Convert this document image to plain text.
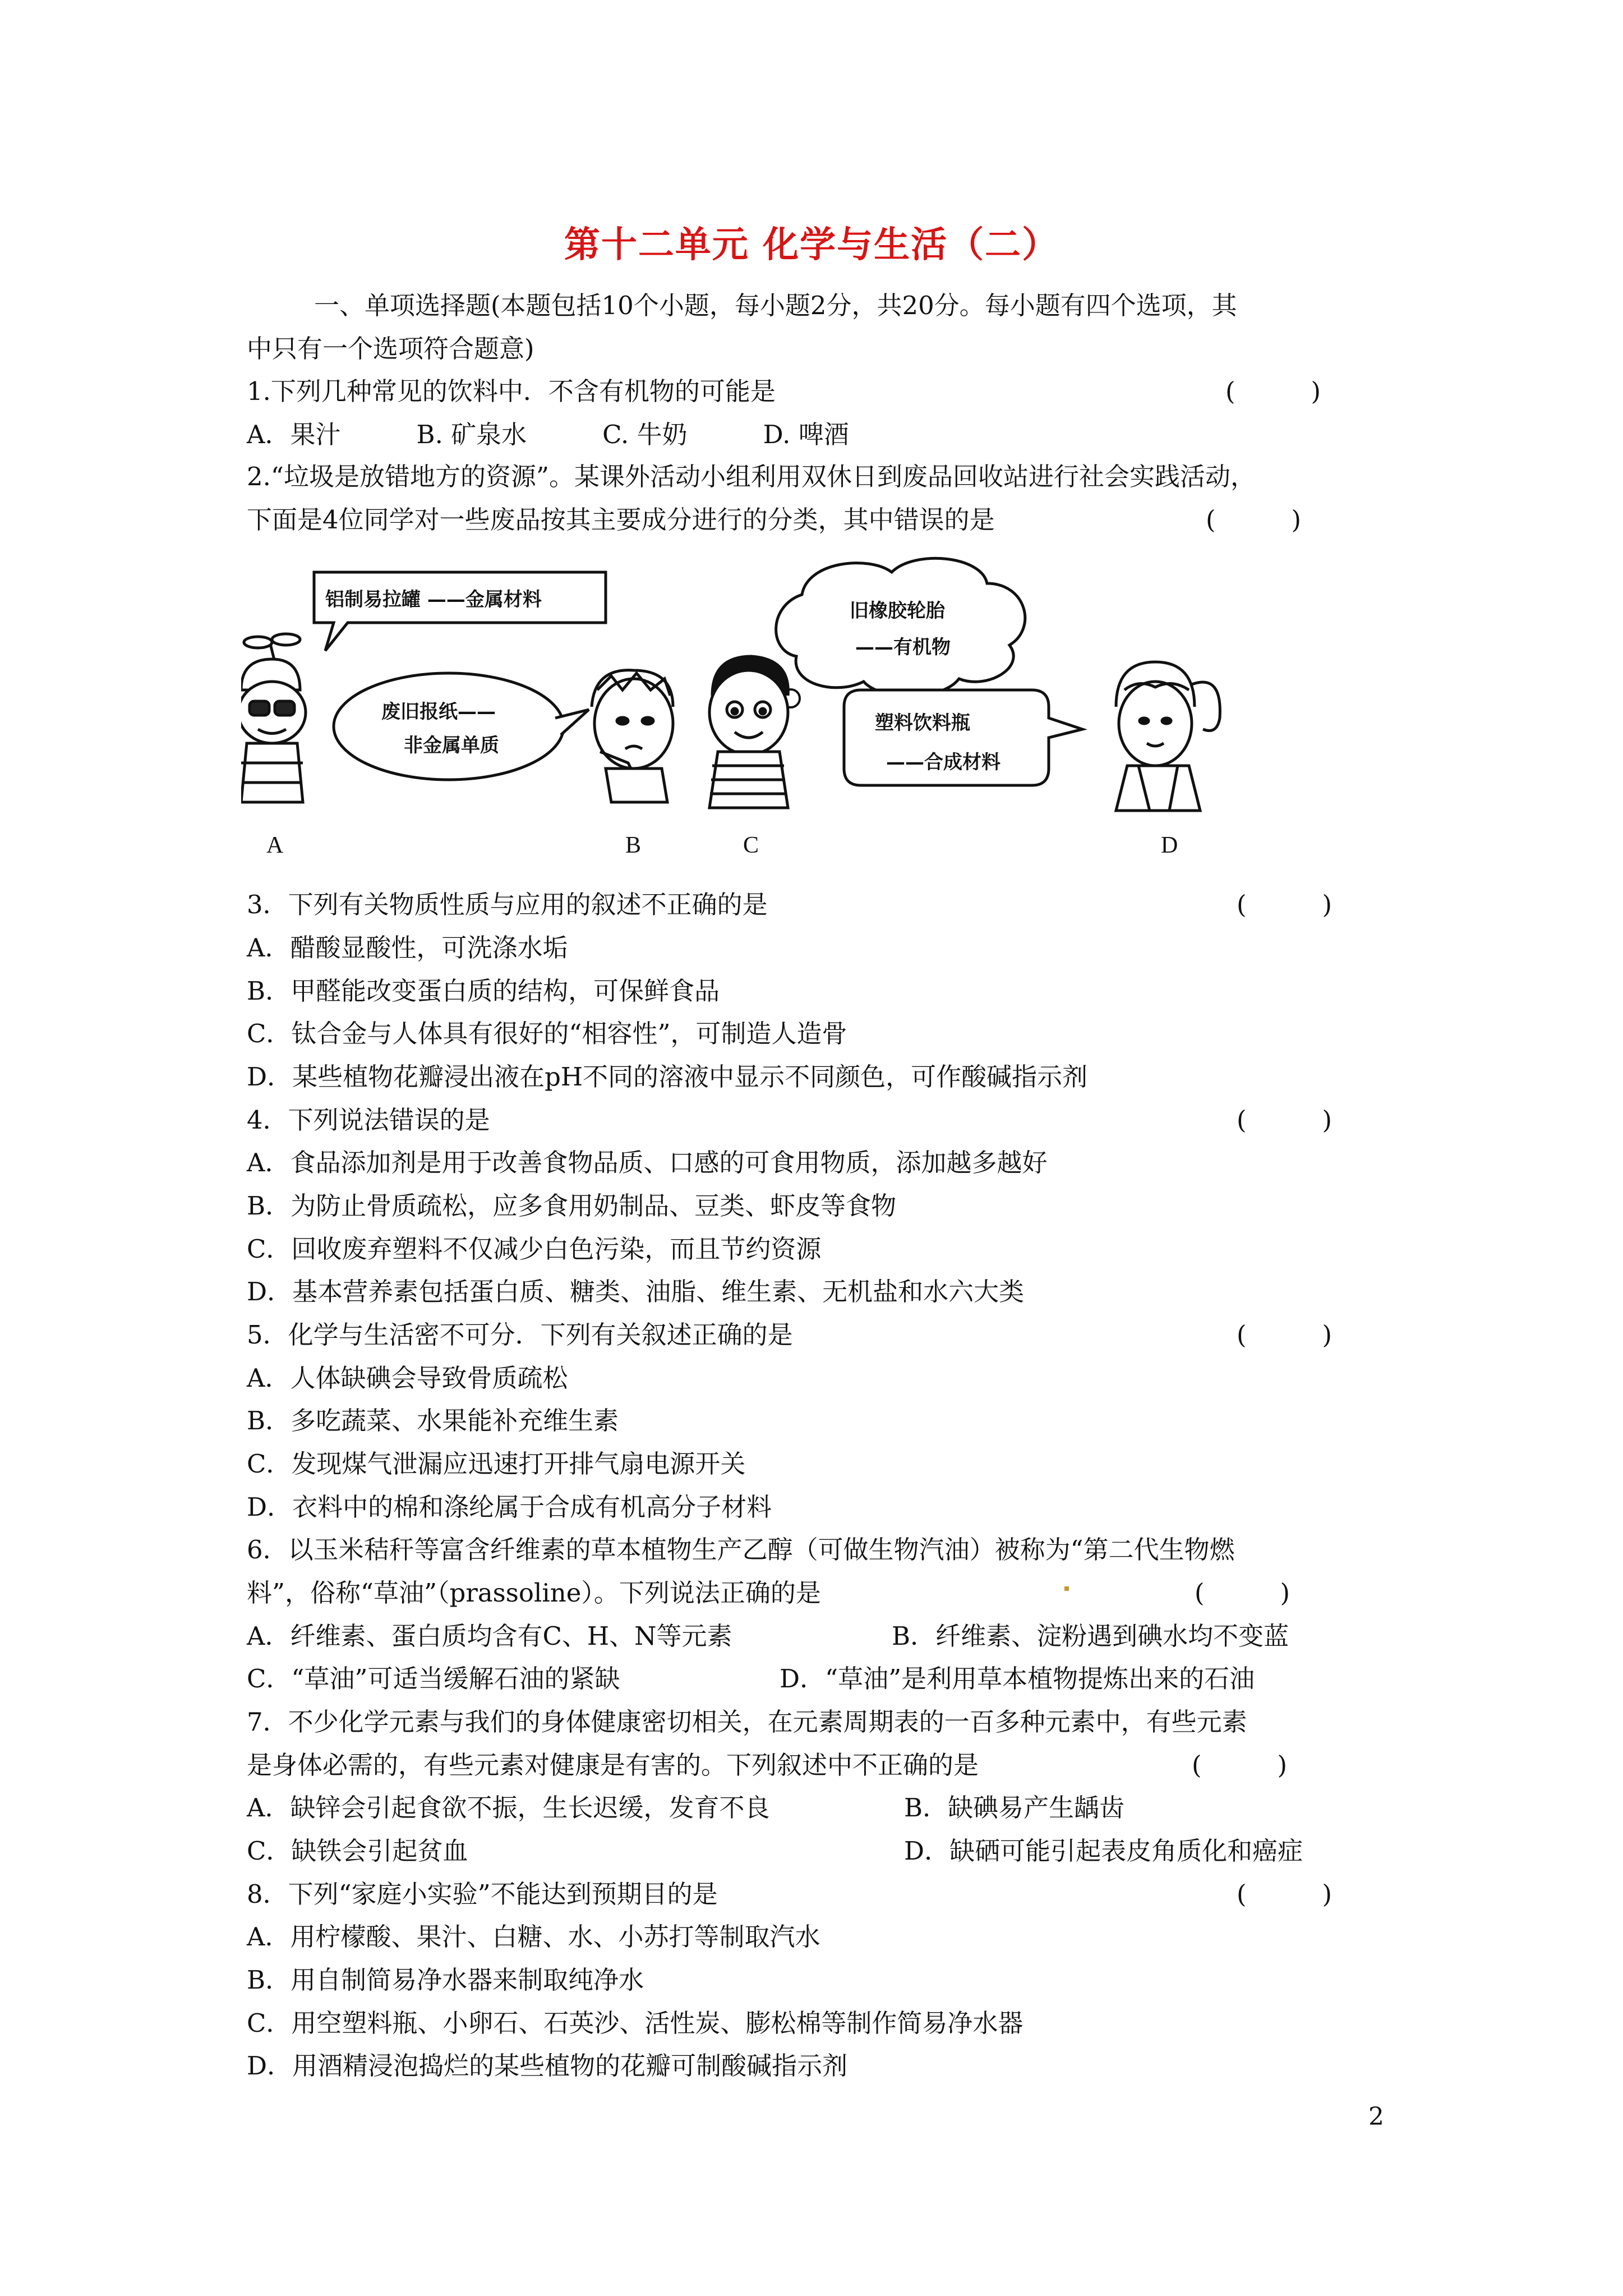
第十二单元 化学与生活（二）
一、单项选择题(本题包括10个小题，每小题2分，共20分。每小题有四个选项，其
中只有一个选项符合题意)
1.下列几种常见的饮料中．不含有机物的可能是	(　　　)
A．果汁　　　B. 矿泉水　　　C. 牛奶　　　D. 啤酒
2.“垃圾是放错地方的资源”。某课外活动小组利用双休日到废品回收站进行社会实践活动，
下面是4位同学对一些废品按其主要成分进行的分类，其中错误的是	(　　　)
铝制易拉罐 ——金属材料
废旧报纸——
非金属单质
旧橡胶轮胎
——有机物
塑料饮料瓶
——合成材料
A	B	C	D
3．下列有关物质性质与应用的叙述不正确的是	(　　　)
A．醋酸显酸性，可洗涤水垢
B．甲醛能改变蛋白质的结构，可保鲜食品
C．钛合金与人体具有很好的“相容性”，可制造人造骨
D．某些植物花瓣浸出液在pH不同的溶液中显示不同颜色，可作酸碱指示剂
4．下列说法错误的是	(　　　)
A．食品添加剂是用于改善食物品质、口感的可食用物质，添加越多越好
B．为防止骨质疏松，应多食用奶制品、豆类、虾皮等食物
C．回收废弃塑料不仅减少白色污染，而且节约资源
D．基本营养素包括蛋白质、糖类、油脂、维生素、无机盐和水六大类
5．化学与生活密不可分．下列有关叙述正确的是	(　　　)
A．人体缺碘会导致骨质疏松
B．多吃蔬菜、水果能补充维生素
C．发现煤气泄漏应迅速打开排气扇电源开关
D．衣料中的棉和涤纶属于合成有机高分子材料
6．以玉米秸秆等富含纤维素的草本植物生产乙醇（可做生物汽油）被称为“第二代生物燃
料”，俗称“草油”（prassoline）。下列说法正确的是	(　　　)
A．纤维素、蛋白质均含有C、H、N等元素	B．纤维素、淀粉遇到碘水均不变蓝
C．“草油”可适当缓解石油的紧缺	D．“草油”是利用草本植物提炼出来的石油
7．不少化学元素与我们的身体健康密切相关，在元素周期表的一百多种元素中，有些元素
是身体必需的，有些元素对健康是有害的。下列叙述中不正确的是	(　　　)
A．缺锌会引起食欲不振，生长迟缓，发育不良	B．缺碘易产生龋齿
C．缺铁会引起贫血	D．缺硒可能引起表皮角质化和癌症
8．下列“家庭小实验”不能达到预期目的是	(　　　)
A．用柠檬酸、果汁、白糖、水、小苏打等制取汽水
B．用自制简易净水器来制取纯净水
C．用空塑料瓶、小卵石、石英沙、活性炭、膨松棉等制作简易净水器
D．用酒精浸泡捣烂的某些植物的花瓣可制酸碱指示剂
2
